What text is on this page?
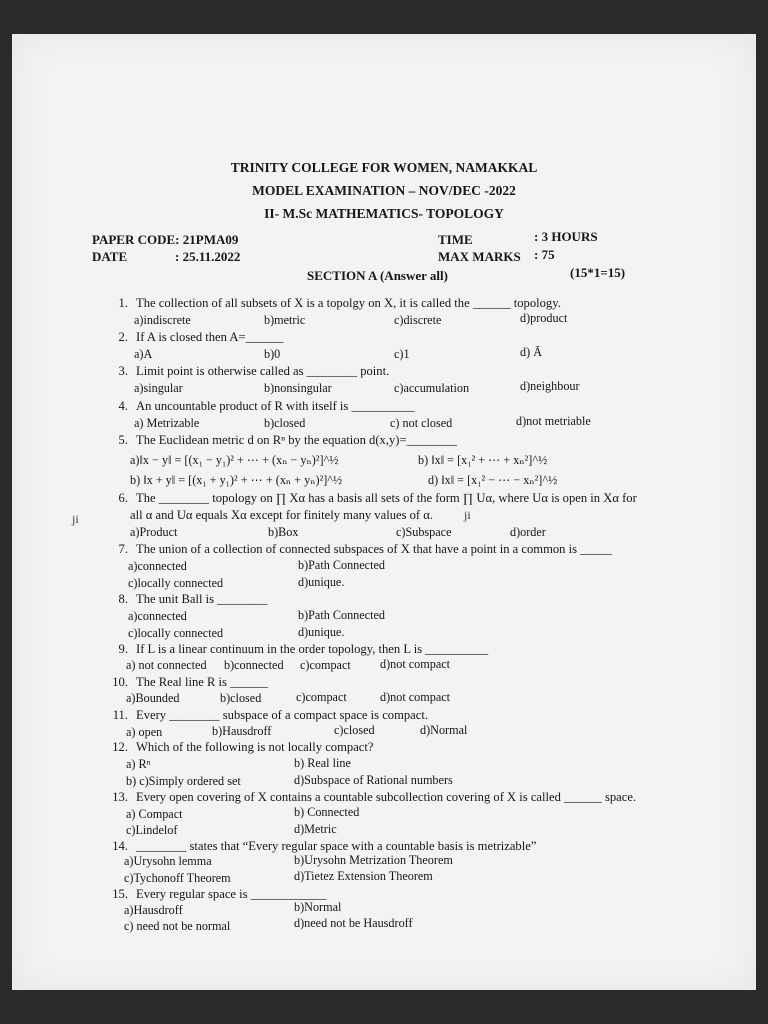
TRINITY COLLEGE FOR WOMEN, NAMAKKAL
MODEL EXAMINATION – NOV/DEC -2022
II- M.Sc MATHEMATICS- TOPOLOGY
PAPER CODE: 21PMA09	TIME	: 3 HOURS
DATE	: 25.11.2022	MAX MARKS : 75
SECTION A (Answer all)	(15*1=15)
1. The collection of all subsets of X is a topolgy on X, it is called the ______ topology.
a)indiscrete	b)metric	c)discrete	d)product
2. If A is closed then A=______
a)A	b)0	c)1	d) Ā
3. Limit point is otherwise called as ________ point.
a)singular	b)nonsingular	c)accumulation	d)neighbour
4. An uncountable product of R with itself is __________
a) Metrizable	b)closed	c) not closed	d)not metriable
5. The Euclidean metric d on Rⁿ by the equation d(x,y)=________
a)‖x − y‖ = [(x₁ − y₁)² + ⋯ + (xₙ − yₙ)²]^½	b) ‖x‖ = [x₁² + ⋯ + xₙ²]^½
b) ‖x + y‖ = [(x₁ + y₁)² + ⋯ + (xₙ + yₙ)²]^½	d) ‖x‖ = [x₁² − ⋯ − xₙ²]^½
6. The ________ topology on ∏ Xα has a basis all sets of the form ∏ Uα, where Uα is open in Xα for
all α and Uα equals Xα except for finitely many values of α.
ji	ji
a)Product	b)Box	c)Subspace	d)order
7. The union of a collection of connected subspaces of X that have a point in a common is _____
a)connected	b)Path Connected
c)locally connected	d)unique.
8. The unit Ball is ________
a)connected	b)Path Connected
c)locally connected	d)unique.
9. If L is a linear continuum in the order topology, then L is __________
a) not connected b)connected c)compact d)not compact
10. The Real line R is ______
a)Bounded	b)closed	c)compact	d)not compact
11. Every ________ subspace of a compact space is compact.
a) open	b)Hausdroff	c)closed	d)Normal
12. Which of the following is not locally compact?
a) Rⁿ	b) Real line
b) c)Simply ordered set	d)Subspace of Rational numbers
13. Every open covering of X contains a countable subcollection covering of X is called ______ space.
a) Compact	b) Connected
c)Lindelof	d)Metric
14. ________ states that “Every regular space with a countable basis is metrizable”
a)Urysohn lemma	b)Urysohn Metrization Theorem
c)Tychonoff Theorem	d)Tietez Extension Theorem
15. Every regular space is ____________
a)Hausdroff	b)Normal
c) need not be normal	d)need not be Hausdroff
